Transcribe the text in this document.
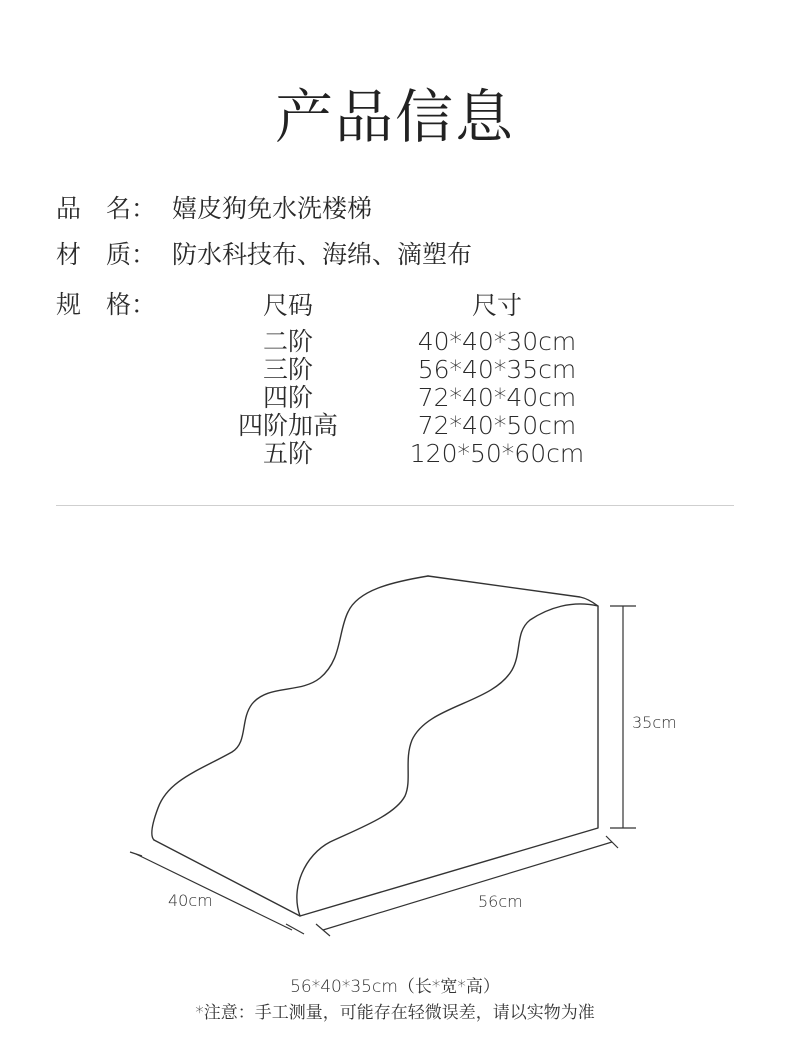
产品信息
品　名： 嬉皮狗免水洗楼梯
材　质： 防水科技布、海绵、滴塑布
规　格：	尺码	尺寸
二阶	40*40*30cm
三阶	56*40*35cm
四阶	72*40*40cm
四阶加高	72*40*50cm
五阶	120*50*60cm
35cm
40cm	56cm
56*40*35cm（长*宽*高）
*注意：手工测量，可能存在轻微误差，请以实物为准
